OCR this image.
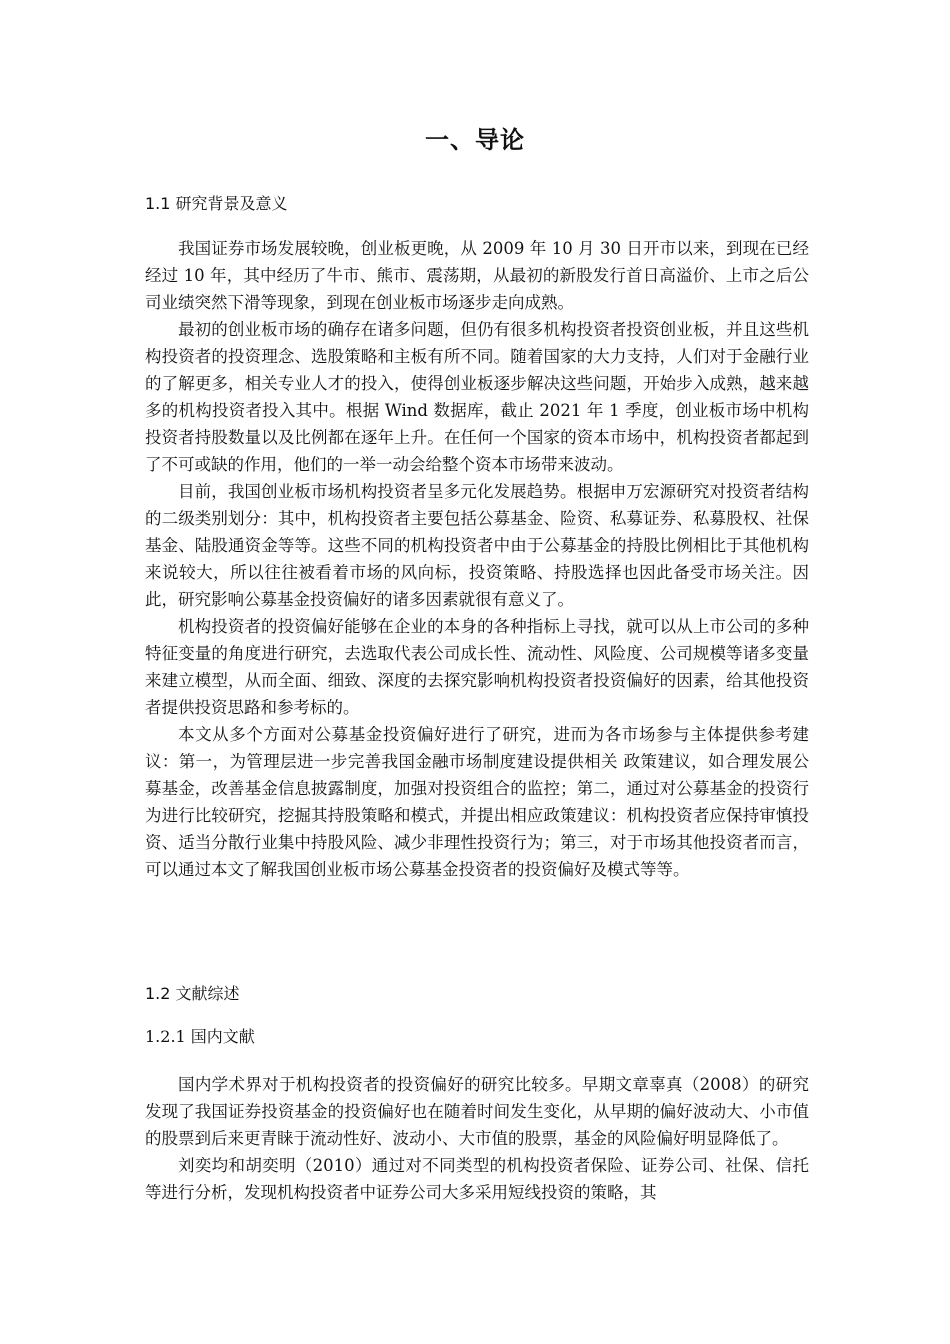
一、导论
1.1 研究背景及意义

我国证券市场发展较晚，创业板更晚，从 2009 年 10 月 30 日开市以来，到现在已经经过 10 年，其中经历了牛市、熊市、震荡期，从最初的新股发行首日高溢价、上市之后公司业绩突然下滑等现象，到现在创业板市场逐步走向成熟。

最初的创业板市场的确存在诸多问题，但仍有很多机构投资者投资创业板，并且这些机构投资者的投资理念、选股策略和主板有所不同。随着国家的大力支持，人们对于金融行业的了解更多，相关专业人才的投入，使得创业板逐步解决这些问题，开始步入成熟，越来越多的机构投资者投入其中。根据 Wind 数据库，截止 2021 年 1 季度，创业板市场中机构投资者持股数量以及比例都在逐年上升。在任何一个国家的资本市场中，机构投资者都起到了不可或缺的作用，他们的一举一动会给整个资本市场带来波动。

目前，我国创业板市场机构投资者呈多元化发展趋势。根据申万宏源研究对投资者结构的二级类别划分：其中，机构投资者主要包括公募基金、险资、私募证券、私募股权、社保基金、陆股通资金等等。这些不同的机构投资者中由于公募基金的持股比例相比于其他机构来说较大，所以往往被看着市场的风向标，投资策略、持股选择也因此备受市场关注。因此，研究影响公募基金投资偏好的诸多因素就很有意义了。

机构投资者的投资偏好能够在企业的本身的各种指标上寻找，就可以从上市公司的多种特征变量的角度进行研究，去选取代表公司成长性、流动性、风险度、公司规模等诸多变量来建立模型，从而全面、细致、深度的去探究影响机构投资者投资偏好的因素，给其他投资者提供投资思路和参考标的。

本文从多个方面对公募基金投资偏好进行了研究，进而为各市场参与主体提供参考建议：第一，为管理层进一步完善我国金融市场制度建设提供相关 政策建议，如合理发展公募基金，改善基金信息披露制度，加强对投资组合的监控；第二，通过对公募基金的投资行为进行比较研究，挖掘其持股策略和模式，并提出相应政策建议：机构投资者应保持审慎投资、适当分散行业集中持股风险、减少非理性投资行为；第三，对于市场其他投资者而言，可以通过本文了解我国创业板市场公募基金投资者的投资偏好及模式等等。

1.2 文献综述
1.2.1 国内文献

国内学术界对于机构投资者的投资偏好的研究比较多。早期文章辜真（2008）的研究发现了我国证券投资基金的投资偏好也在随着时间发生变化，从早期的偏好波动大、小市值的股票到后来更青睐于流动性好、波动小、大市值的股票，基金的风险偏好明显降低了。

刘奕均和胡奕明（2010）通过对不同类型的机构投资者保险、证券公司、社保、信托等进行分析，发现机构投资者中证券公司大多采用短线投资的策略，其
